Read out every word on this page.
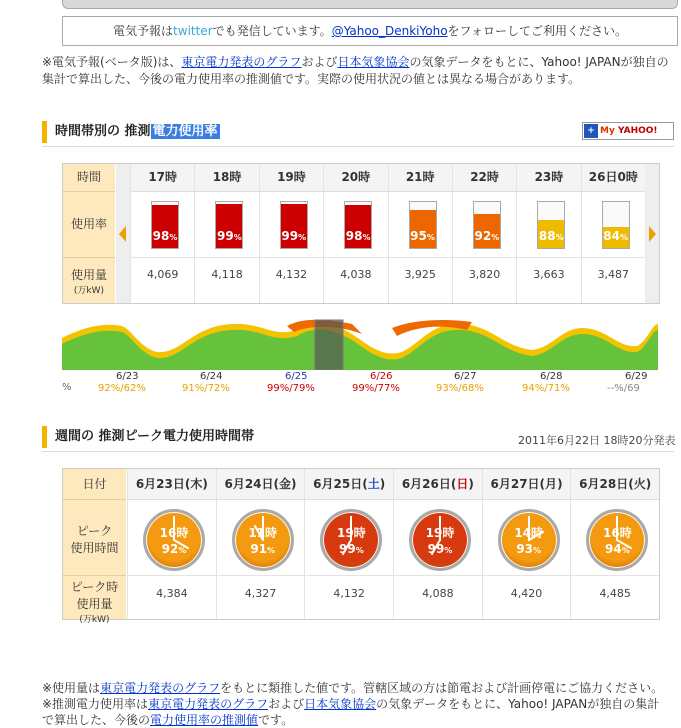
電気予報はtwitterでも発信しています。@Yahoo_DenkiYohoをフォローしてご利用ください。
※電気予報(ベータ版)は、東京電力発表のグラフおよび日本気象協会の気象データをもとに、Yahoo! JAPANが独自の集計で算出した、今後の電力使用率の推測値です。実際の使用状況の値とは異なる場合があります。
時間帯別の 推測 電力使用率	+ My YAHOO!
時間
使用率
使用量
(万kW)
17時
98%
4,069
18時
99%
4,118
19時
99%
4,132
20時
98%
4,038
21時
95%
3,925
22時
92%
3,820
23時
88%
3,663
26日0時
84%
3,487
%
6/23
92%/62%
6/24
91%/72%
6/25
99%/79%
6/26
99%/77%
6/27
93%/68%
6/28
94%/71%
6/29
--%/69
週間の 推測ピーク電力使用時間帯	2011年6月22日 18時20分発表
日付
ピーク
使用時間
ピーク時
使用量
(万kW)
6月23日(木)
16時
92%
4,384
6月24日(金)
11時
91%
4,327
6月25日(土)
19時
99%
4,132
6月26日(日)
19時
99%
4,088
6月27日(月)
14時
93%
4,420
6月28日(火)
16時
94%
4,485
※使用量は東京電力発表のグラフをもとに類推した値です。管轄区域の方は節電および計画停電にご協力ください。
※推測電力使用率は東京電力発表のグラフおよび日本気象協会の気象データをもとに、Yahoo! JAPANが独自の集計
で算出した、今後の電力使用率の推測値です。
